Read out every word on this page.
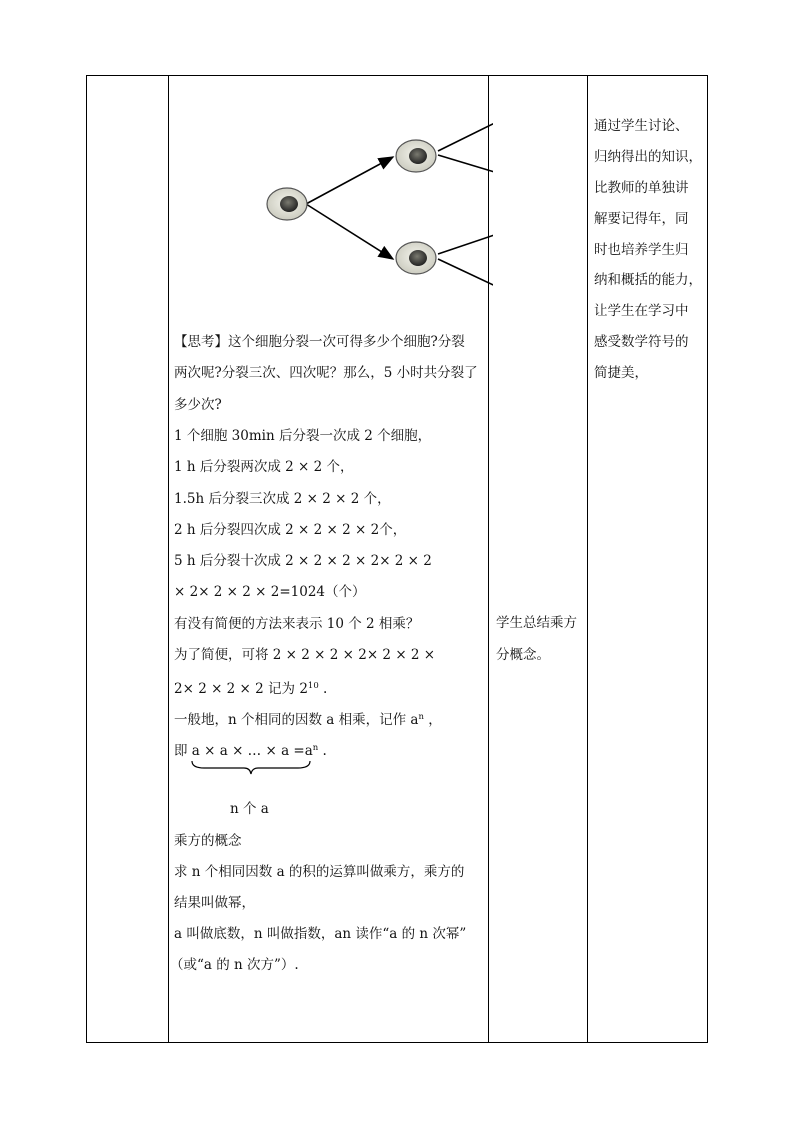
【思考】这个细胞分裂一次可得多少个细胞?分裂
两次呢?分裂三次、四次呢？那么，5 小时共分裂了
多少次?
1 个细胞 30min 后分裂一次成 2 个细胞，
1 h 后分裂两次成 2 × 2 个，
1.5h 后分裂三次成 2 × 2 × 2 个，
2 h 后分裂四次成 2 × 2 × 2 × 2个，
5 h 后分裂十次成 2 × 2 × 2 × 2× 2 × 2
× 2× 2 × 2 × 2=1024（个）
有没有简便的方法来表示 10 个 2 相乘？
为了简便，可将 2 × 2 × 2 × 2× 2 × 2 ×
2× 2 × 2 × 2 记为 $2^{10}$ .
一般地，n 个相同的因数 a 相乘，记作 $a^n$ ，
即 a × a × … × $a =a^n$ .
n 个 a
乘方的概念
求 n 个相同因数 a 的积的运算叫做乘方，乘方的
结果叫做幂，
a 叫做底数，n 叫做指数，an 读作“a 的 n 次幂”
（或“a 的 n 次方”）.
学生总结乘方
分概念。
通过学生讨论、
归纳得出的知识，
比教师的单独讲
解要记得年，同
时也培养学生归
纳和概括的能力，
让学生在学习中
感受数学符号的
简捷美，
